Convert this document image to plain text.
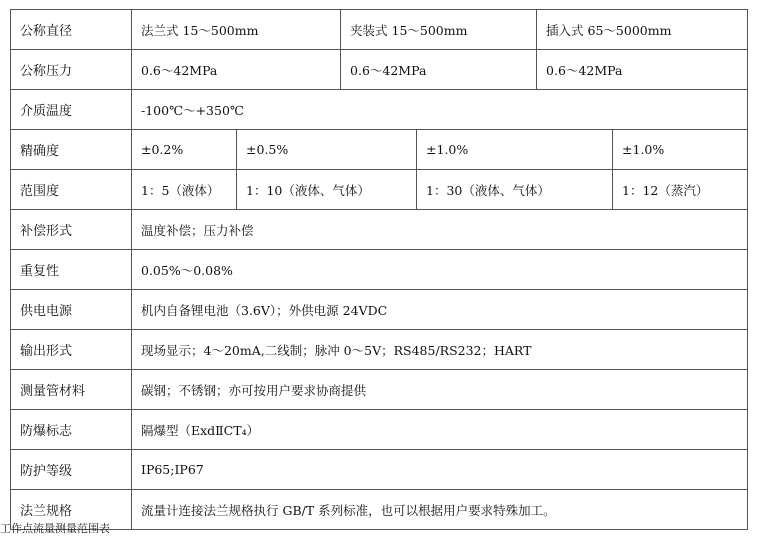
公称直径	法兰式 15～500mm		夹装式 15～500mm		插入式 65～5000mm	
公称压力	0.6～42MPa		0.6～42MPa		0.6～42MPa	
介质温度	-100℃～+350℃					
精确度	±0.2%	±0.5%		±1.0%		±1.0%
范围度	1：5（液体）	1：10（液体、气体）		1：30（液体、气体）		1：12（蒸汽）
补偿形式	温度补偿；压力补偿					
重复性	0.05%～0.08%					
供电电源	机内自备锂电池（3.6V）；外供电源 24VDC					
输出形式	现场显示；4～20mA,二线制；脉冲 0～5V；RS485/RS232；HART					
测量管材料	碳钢；不锈钢；亦可按用户要求协商提供					
防爆标志	隔爆型（ExdⅡCT₄）					
防护等级	IP65;IP67					
法兰规格	流量计连接法兰规格执行 GB/T 系列标准，也可以根据用户要求特殊加工。					
工作点流量测量范围表
